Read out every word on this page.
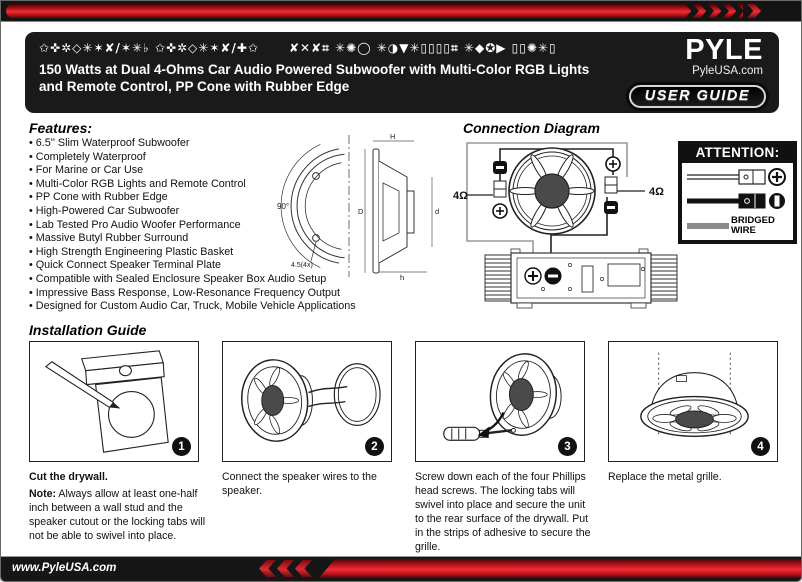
✩✜✲◇✳✶✘/✶✳♭ ✩✜✲◇✳✶✘/✚✩	✘✕✘⌗ ✳✺◯ ✳◑▼✳▯▯▯▯⌗ ✳◆✪▶ ▯▯✺✳▯
150 Watts at Dual 4-Ohms Car Audio Powered Subwoofer with Multi-Color RGB Lights
and Remote Control, PP Cone with Rubber Edge
PYLE
PyleUSA.com
USER GUIDE
Features:
• 6.5'' Slim Waterproof Subwoofer
• Completely Waterproof
• For Marine or Car Use
• Multi-Color RGB Lights and Remote Control
• PP Cone with Rubber Edge
• High-Powered Car Subwoofer
• Lab Tested Pro Audio Woofer Performance
• Massive Butyl Rubber Surround
• High Strength Engineering Plastic Basket
• Quick Connect Speaker Terminal Plate
• Compatible with Sealed Enclosure Speaker Box Audio Setup
• Impressive Bass Response, Low-Resonance Frequency Output
• Designed for Custom Audio Car, Truck, Mobile Vehicle Applications
90°
4.5(4x)
H
D	d
h
Connection Diagram
4Ω	4Ω
ATTENTION:
BRIDGED WIRE
Installation Guide
1	2	3	4
Cut the drywall.
Note: Always allow at least one-half inch between a wall stud and the speaker cutout or the locking tabs will not be able to swivel into place.
Connect the speaker wires to the speaker.
Screw down each of the four Phillips head screws. The locking tabs will swivel into place and secure the unit to the rear surface of the drywall. Put in the strips of adhesive to secure the grille.
Replace the metal grille.
www.PyleUSA.com
